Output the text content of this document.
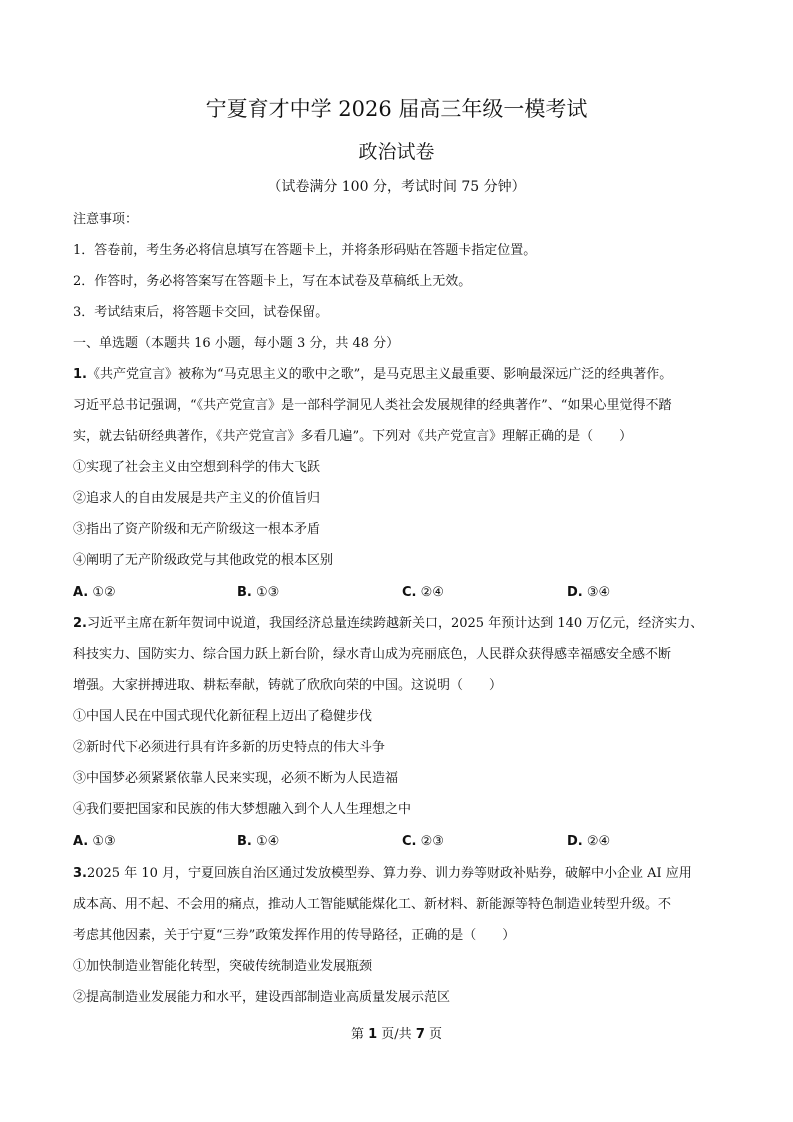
宁夏育才中学 2026 届高三年级一模考试
政治试卷
（试卷满分 100 分，考试时间 75 分钟）
注意事项：
1．答卷前，考生务必将信息填写在答题卡上，并将条形码贴在答题卡指定位置。
2．作答时，务必将答案写在答题卡上，写在本试卷及草稿纸上无效。
3．考试结束后，将答题卡交回，试卷保留。
一、单选题（本题共 16 小题，每小题 3 分，共 48 分）
1.《共产党宣言》被称为“马克思主义的歌中之歌”，是马克思主义最重要、影响最深远广泛的经典著作。
习近平总书记强调，“《共产党宣言》是一部科学洞见人类社会发展规律的经典著作”、“如果心里觉得不踏
实，就去钻研经典著作，《共产党宣言》多看几遍”。下列对《共产党宣言》理解正确的是（　　）
①实现了社会主义由空想到科学的伟大飞跃
②追求人的自由发展是共产主义的价值旨归
③指出了资产阶级和无产阶级这一根本矛盾
④阐明了无产阶级政党与其他政党的根本区别
A. ①②	B. ①③	C. ②④	D. ③④
2.习近平主席在新年贺词中说道，我国经济总量连续跨越新关口，2025 年预计达到 140 万亿元，经济实力、
科技实力、国防实力、综合国力跃上新台阶，绿水青山成为亮丽底色，人民群众获得感幸福感安全感不断
增强。大家拼搏进取、耕耘奉献，铸就了欣欣向荣的中国。这说明（　　）
①中国人民在中国式现代化新征程上迈出了稳健步伐
②新时代下必须进行具有许多新的历史特点的伟大斗争
③中国梦必须紧紧依靠人民来实现，必须不断为人民造福
④我们要把国家和民族的伟大梦想融入到个人人生理想之中
A. ①③	B. ①④	C. ②③	D. ②④
3.2025 年 10 月，宁夏回族自治区通过发放模型券、算力券、训力券等财政补贴券，破解中小企业 AI 应用
成本高、用不起、不会用的痛点，推动人工智能赋能煤化工、新材料、新能源等特色制造业转型升级。不
考虑其他因素，关于宁夏“三券”政策发挥作用的传导路径，正确的是（　　）
①加快制造业智能化转型，突破传统制造业发展瓶颈
②提高制造业发展能力和水平，建设西部制造业高质量发展示范区
第 1 页/共 7 页
